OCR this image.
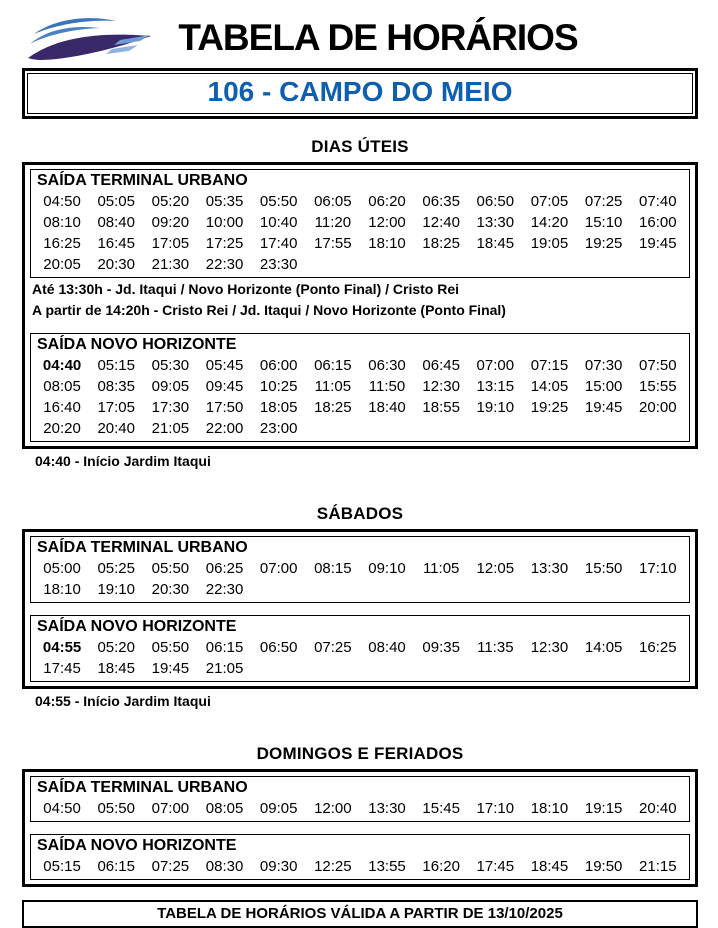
TABELA DE HORÁRIOS
106 - CAMPO DO MEIO
DIAS ÚTEIS
SAÍDA TERMINAL URBANO
04:50	05:05	05:20	05:35	05:50	06:05	06:20	06:35	06:50	07:05	07:25	07:40
08:10	08:40	09:20	10:00	10:40	11:20	12:00	12:40	13:30	14:20	15:10	16:00
16:25	16:45	17:05	17:25	17:40	17:55	18:10	18:25	18:45	19:05	19:25	19:45
20:05	20:30	21:30	22:30	23:30
Até 13:30h - Jd. Itaqui / Novo Horizonte (Ponto Final) / Cristo Rei
A partir de 14:20h - Cristo Rei / Jd. Itaqui / Novo Horizonte (Ponto Final)
SAÍDA NOVO HORIZONTE
04:40	05:15	05:30	05:45	06:00	06:15	06:30	06:45	07:00	07:15	07:30	07:50
08:05	08:35	09:05	09:45	10:25	11:05	11:50	12:30	13:15	14:05	15:00	15:55
16:40	17:05	17:30	17:50	18:05	18:25	18:40	18:55	19:10	19:25	19:45	20:00
20:20	20:40	21:05	22:00	23:00
04:40 - Início Jardim Itaqui
SÁBADOS
SAÍDA TERMINAL URBANO
05:00	05:25	05:50	06:25	07:00	08:15	09:10	11:05	12:05	13:30	15:50	17:10
18:10	19:10	20:30	22:30
SAÍDA NOVO HORIZONTE
04:55	05:20	05:50	06:15	06:50	07:25	08:40	09:35	11:35	12:30	14:05	16:25
17:45	18:45	19:45	21:05
04:55 - Início Jardim Itaqui
DOMINGOS E FERIADOS
SAÍDA TERMINAL URBANO
04:50	05:50	07:00	08:05	09:05	12:00	13:30	15:45	17:10	18:10	19:15	20:40
SAÍDA NOVO HORIZONTE
05:15	06:15	07:25	08:30	09:30	12:25	13:55	16:20	17:45	18:45	19:50	21:15
TABELA DE HORÁRIOS VÁLIDA A PARTIR DE 13/10/2025
